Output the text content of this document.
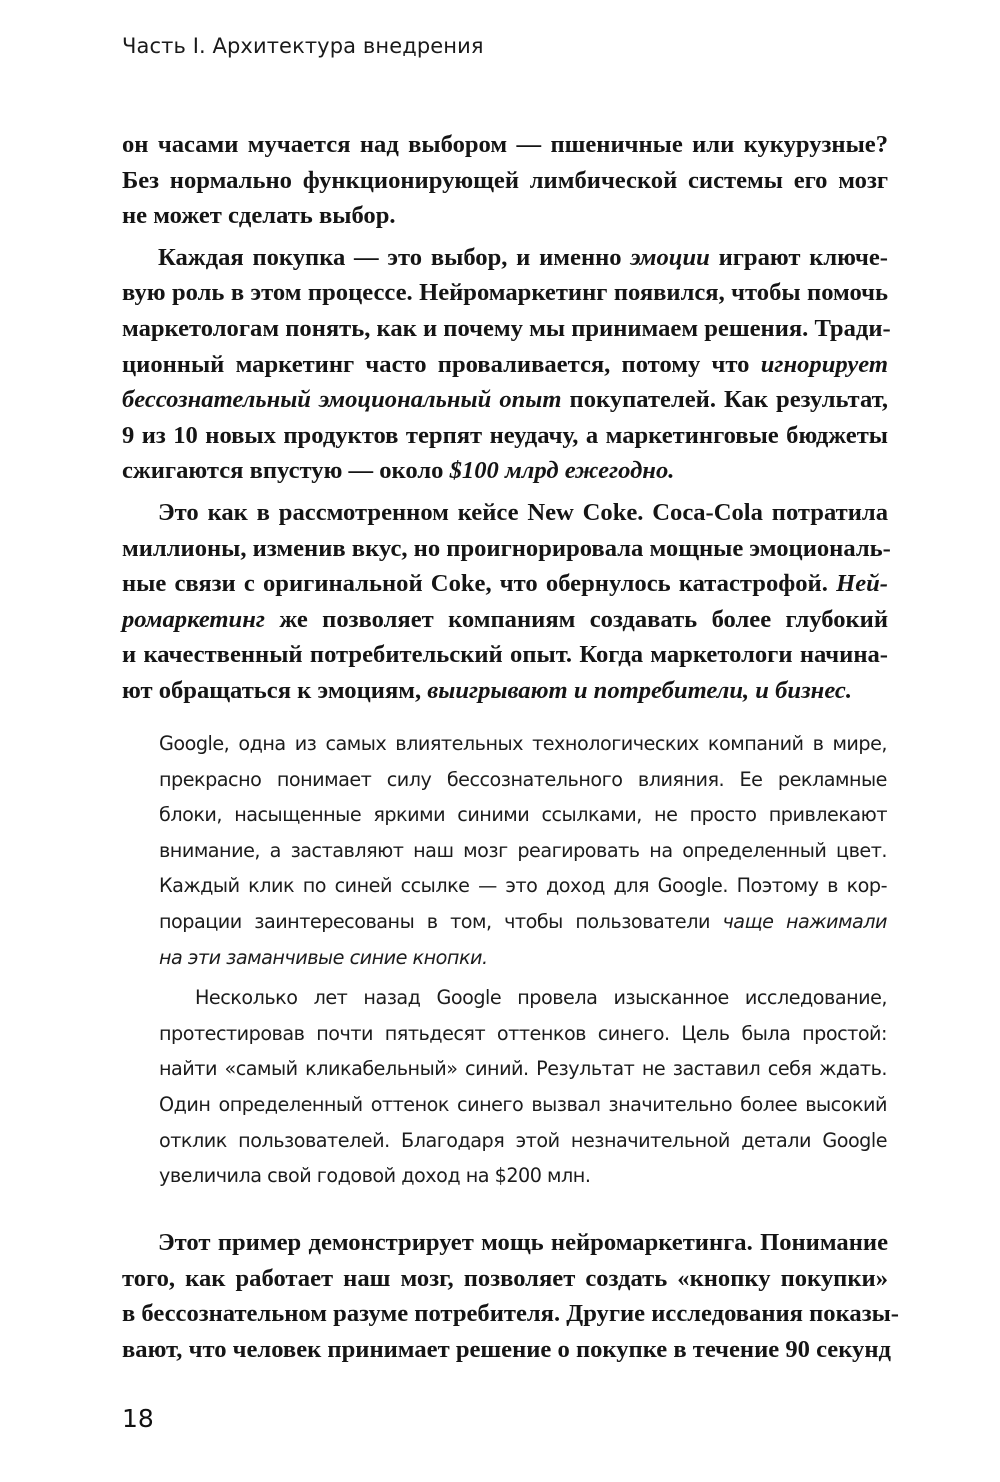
Часть I. Архитектура внедрения

он часами мучается над выбором — пшеничные или кукурузные?
Без нормально функционирующей лимбической системы его мозг
не может сделать выбор.

Каждая покупка — это выбор, и именно эмоции играют ключе-
вую роль в этом процессе. Нейромаркетинг появился, чтобы помочь
маркетологам понять, как и почему мы принимаем решения. Тради-
ционный маркетинг часто проваливается, потому что игнорирует
бессознательный эмоциональный опыт покупателей. Как результат,
9 из 10 новых продуктов терпят неудачу, а маркетинговые бюджеты
сжигаются впустую — около $100 млрд ежегодно.

Это как в рассмотренном кейсе New Coke. Coca-Cola потратила
миллионы, изменив вкус, но проигнорировала мощные эмоциональ-
ные связи с оригинальной Coke, что обернулось катастрофой. Ней-
ромаркетинг же позволяет компаниям создавать более глубокий
и качественный потребительский опыт. Когда маркетологи начина-
ют обращаться к эмоциям, выигрывают и потребители, и бизнес.

Google, одна из самых влиятельных технологических компаний в мире,
прекрасно понимает силу бессознательного влияния. Ее рекламные
блоки, насыщенные яркими синими ссылками, не просто привлекают
внимание, а заставляют наш мозг реагировать на определенный цвет.
Каждый клик по синей ссылке — это доход для Google. Поэтому в кор-
порации заинтересованы в том, чтобы пользователи чаще нажимали
на эти заманчивые синие кнопки.

Несколько лет назад Google провела изысканное исследование,
протестировав почти пятьдесят оттенков синего. Цель была простой:
найти «самый кликабельный» синий. Результат не заставил себя ждать.
Один определенный оттенок синего вызвал значительно более высокий
отклик пользователей. Благодаря этой незначительной детали Google
увеличила свой годовой доход на $200 млн.

Этот пример демонстрирует мощь нейромаркетинга. Понимание
того, как работает наш мозг, позволяет создать «кнопку покупки»
в бессознательном разуме потребителя. Другие исследования показы-
вают, что человек принимает решение о покупке в течение 90 секунд

18
